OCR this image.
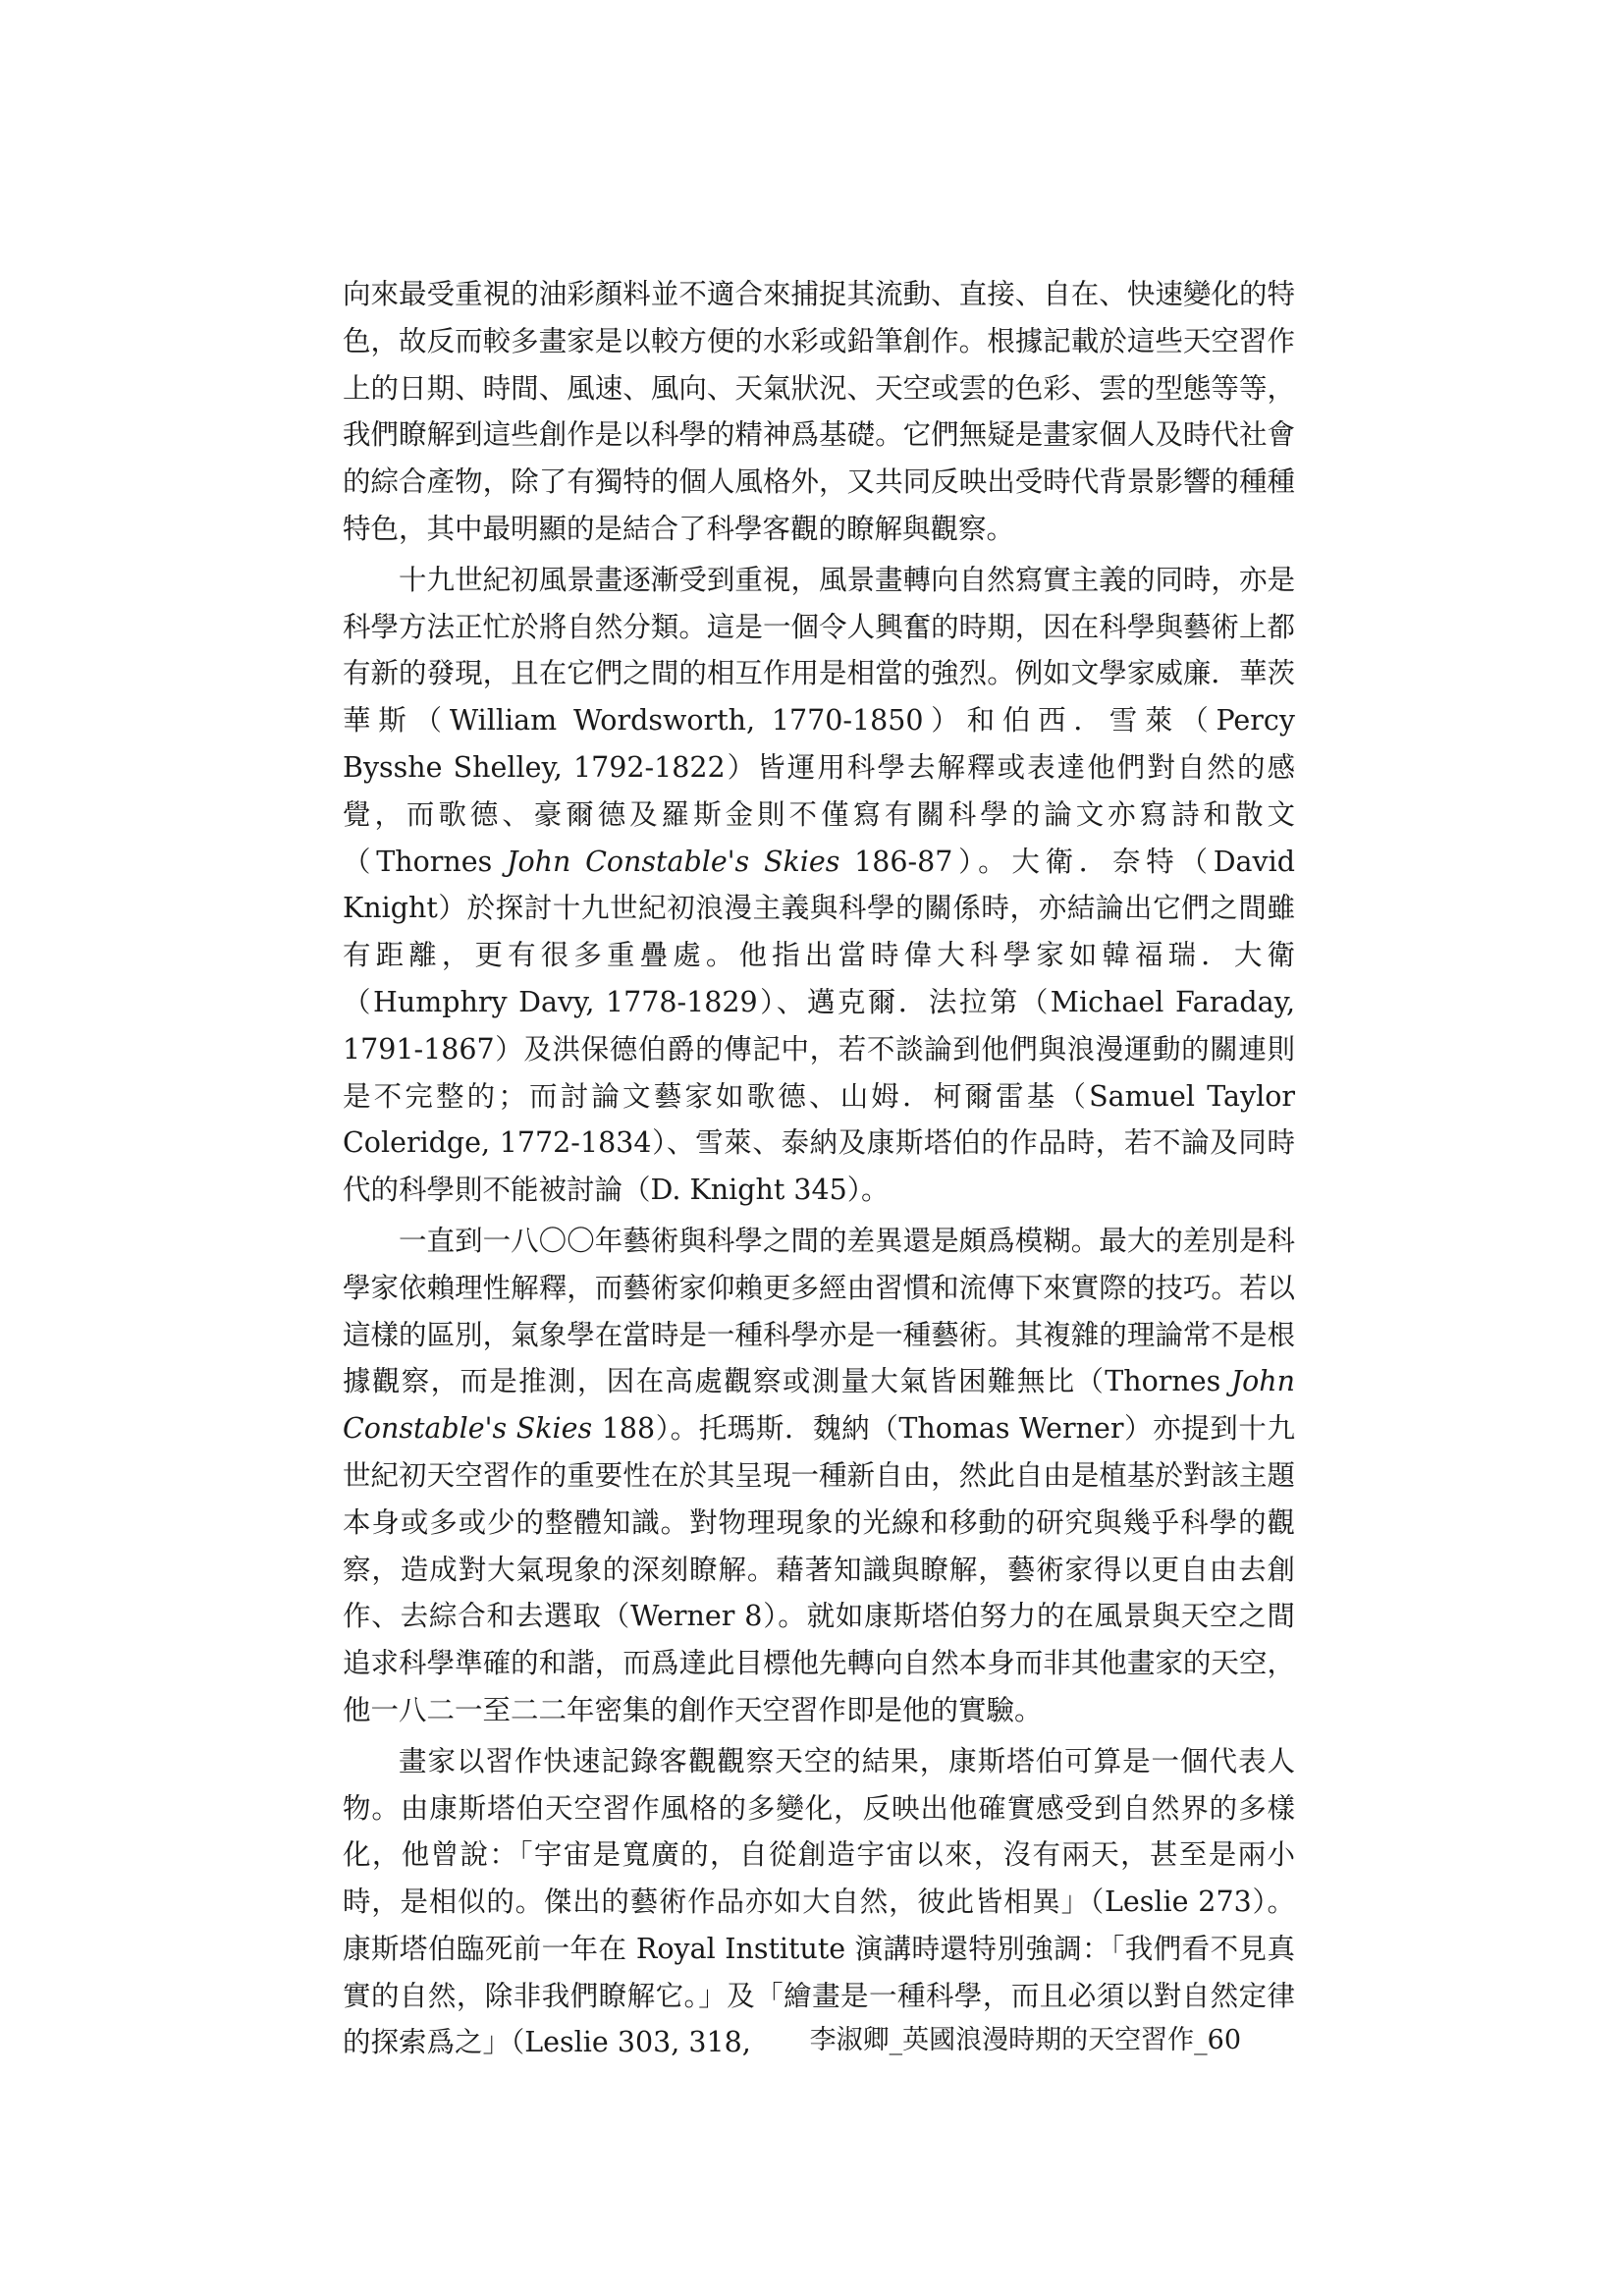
向來最受重視的油彩顏料並不適合來捕捉其流動、直接、自在、快速變化的特色，故反而較多畫家是以較方便的水彩或鉛筆創作。根據記載於這些天空習作上的日期、時間、風速、風向、天氣狀況、天空或雲的色彩、雲的型態等等，我們瞭解到這些創作是以科學的精神爲基礎。它們無疑是畫家個人及時代社會的綜合產物，除了有獨特的個人風格外，又共同反映出受時代背景影響的種種特色，其中最明顯的是結合了科學客觀的瞭解與觀察。

十九世紀初風景畫逐漸受到重視，風景畫轉向自然寫實主義的同時，亦是科學方法正忙於將自然分類。這是一個令人興奮的時期，因在科學與藝術上都有新的發現，且在它們之間的相互作用是相當的強烈。例如文學家威廉．華茨華斯（William Wordsworth, 1770-1850）和伯西．雪萊（Percy Bysshe Shelley, 1792-1822）皆運用科學去解釋或表達他們對自然的感覺，而歌德、豪爾德及羅斯金則不僅寫有關科學的論文亦寫詩和散文（Thornes John Constable's Skies 186-87）。大衛．奈特（David Knight）於探討十九世紀初浪漫主義與科學的關係時，亦結論出它們之間雖有距離，更有很多重疊處。他指出當時偉大科學家如韓福瑞．大衛（Humphry Davy, 1778-1829）、邁克爾．法拉第（Michael Faraday, 1791-1867）及洪保德伯爵的傳記中，若不談論到他們與浪漫運動的關連則是不完整的；而討論文藝家如歌德、山姆．柯爾雷基（Samuel Taylor Coleridge, 1772-1834）、雪萊、泰納及康斯塔伯的作品時，若不論及同時代的科學則不能被討論（D. Knight 345）。

一直到一八〇〇年藝術與科學之間的差異還是頗爲模糊。最大的差別是科學家依賴理性解釋，而藝術家仰賴更多經由習慣和流傳下來實際的技巧。若以這樣的區別，氣象學在當時是一種科學亦是一種藝術。其複雜的理論常不是根據觀察，而是推測，因在高處觀察或測量大氣皆困難無比（Thornes John Constable's Skies 188）。托瑪斯．魏納（Thomas Werner）亦提到十九世紀初天空習作的重要性在於其呈現一種新自由，然此自由是植基於對該主題本身或多或少的整體知識。對物理現象的光線和移動的研究與幾乎科學的觀察，造成對大氣現象的深刻瞭解。藉著知識與瞭解，藝術家得以更自由去創作、去綜合和去選取（Werner 8）。就如康斯塔伯努力的在風景與天空之間追求科學準確的和諧，而爲達此目標他先轉向自然本身而非其他畫家的天空，他一八二一至二二年密集的創作天空習作即是他的實驗。

畫家以習作快速記錄客觀觀察天空的結果，康斯塔伯可算是一個代表人物。由康斯塔伯天空習作風格的多變化，反映出他確實感受到自然界的多樣化，他曾說：「宇宙是寬廣的，自從創造宇宙以來，沒有兩天，甚至是兩小時，是相似的。傑出的藝術作品亦如大自然，彼此皆相異」（Leslie 273）。康斯塔伯臨死前一年在 Royal Institute 演講時還特別強調：「我們看不見真實的自然，除非我們瞭解它。」及「繪畫是一種科學，而且必須以對自然定律的探索爲之」（Leslie 303, 318,	李淑卿_英國浪漫時期的天空習作_60
